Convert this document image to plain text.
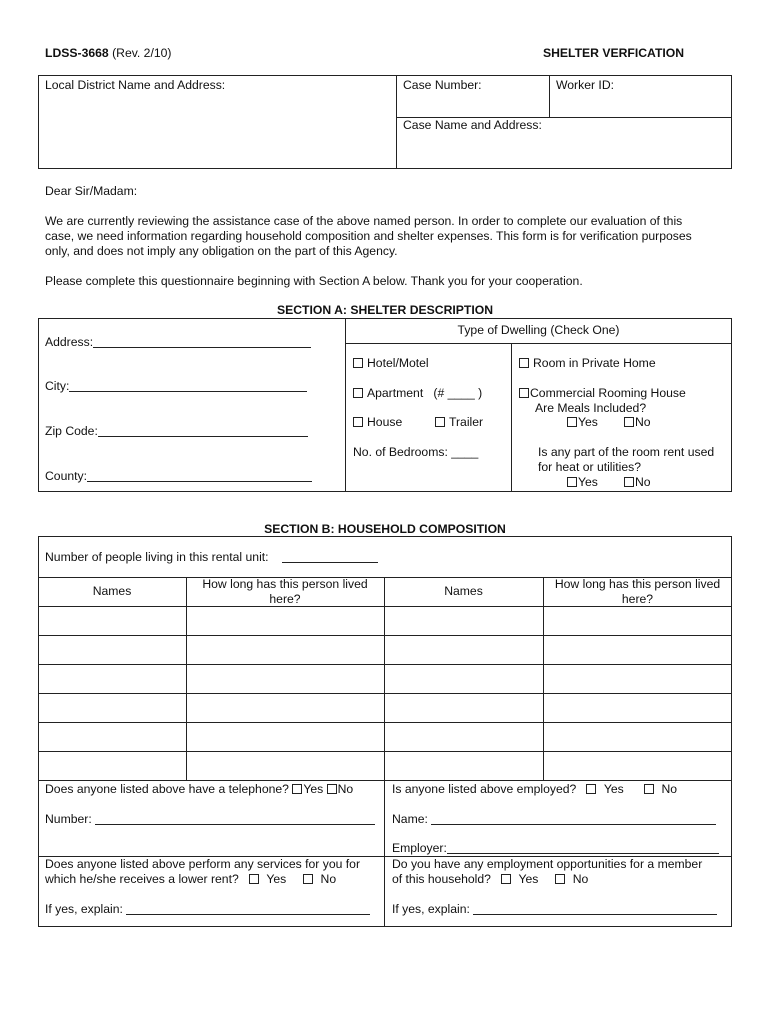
LDSS-3668 (Rev. 2/10)	SHELTER VERFICATION
Local District Name and Address:	Case Number:	Worker ID:
Case Name and Address:
Dear Sir/Madam:
We are currently reviewing the assistance case of the above named person. In order to complete our evaluation of this
case, we need information regarding household composition and shelter expenses. This form is for verification purposes
only, and does not imply any obligation on the part of this Agency.
Please complete this questionnaire beginning with Section A below. Thank you for your cooperation.
SECTION A: SHELTER DESCRIPTION
Address:
City:
Zip Code:
County:
Type of Dwelling (Check One)
Hotel/Motel
Apartment (# ____ )
House	Trailer
No. of Bedrooms: ____
Room in Private Home
Commercial Rooming House
Are Meals Included?
Yes	No
Is any part of the room rent used
for heat or utilities?
Yes	No
SECTION B: HOUSEHOLD COMPOSITION
Number of people living in this rental unit:
Names	How long has this person lived
here?
Names	How long has this person lived
here?
Does anyone listed above have a telephone? Yes No
Number:
Is anyone listed above employed? Yes	No
Name:
Employer:
Does anyone listed above perform any services for you for
which he/she receives a lower rent? Yes	No
If yes, explain:
Do you have any employment opportunities for a member
of this household? Yes	No
If yes, explain:
